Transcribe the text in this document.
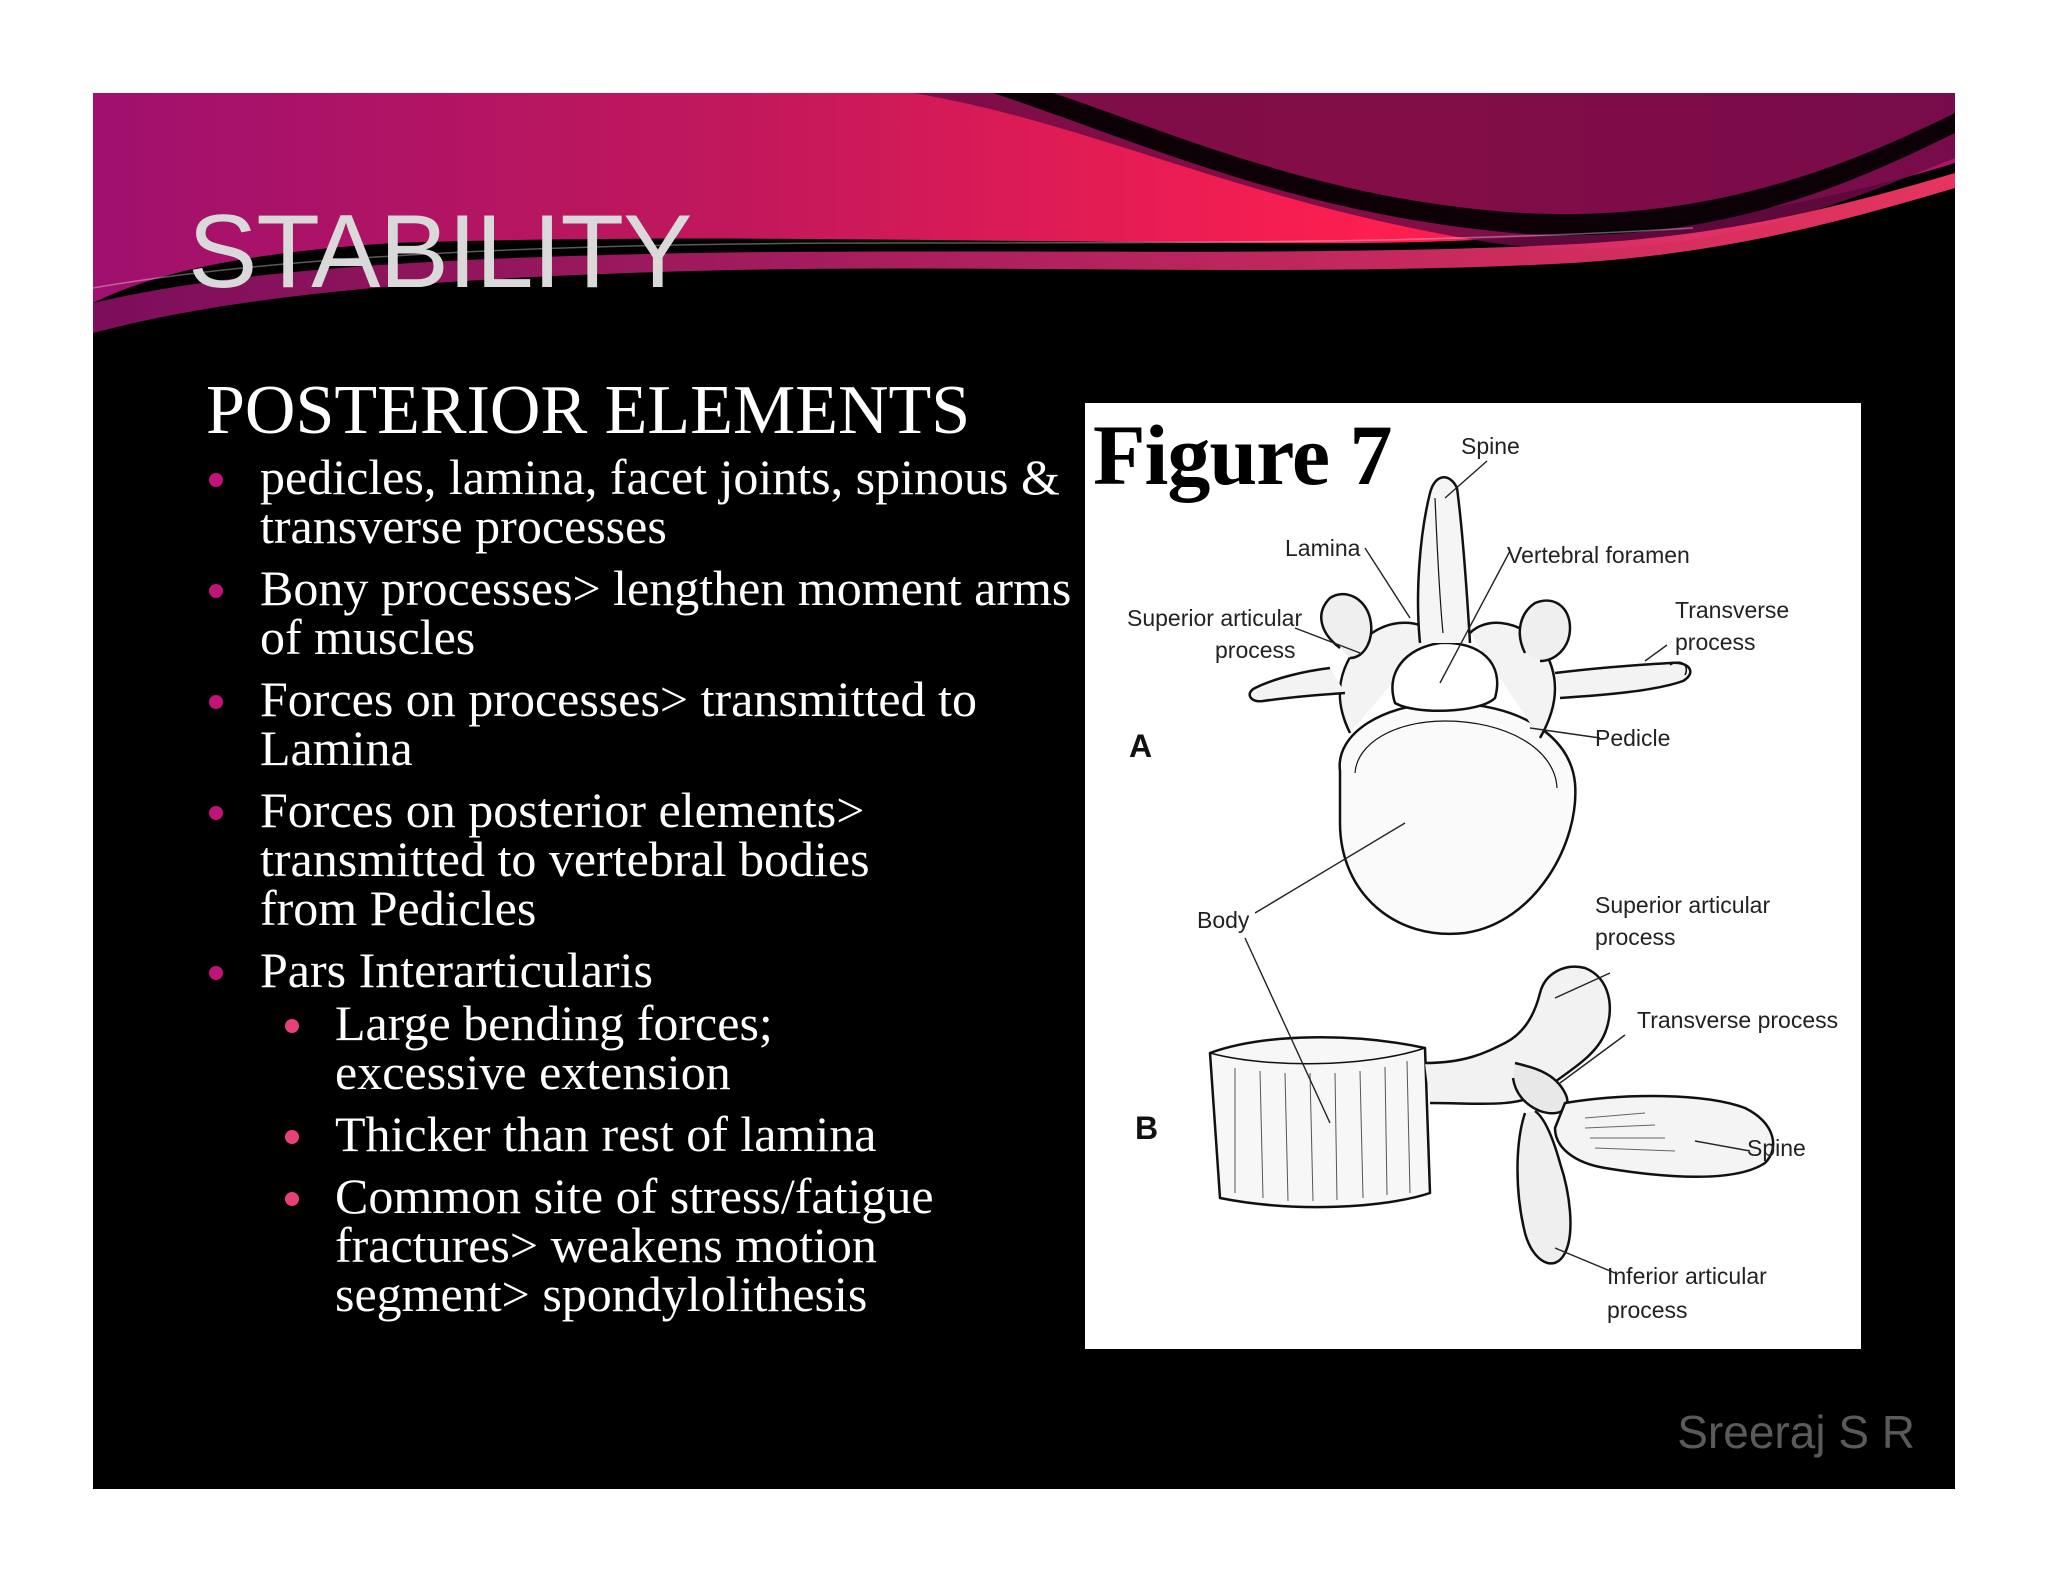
STABILITY
POSTERIOR ELEMENTS
pedicles, lamina, facet joints, spinous & transverse processes
Bony processes> lengthen moment arms of muscles
Forces on processes> transmitted to Lamina
Forces on posterior elements> transmitted to vertebral bodies from Pedicles
Pars Interarticularis
Large bending forces; excessive extension
Thicker than rest of lamina
Common site of stress/fatigue fractures> weakens motion segment> spondylolithesis
Figure 7
A
B
Spine
Lamina	Vertebral foramen
Superior articular
process
Transverse
process
Pedicle
Body
Superior articular
process
Transverse process
Spine
Inferior articular
process
Sreeraj S R
